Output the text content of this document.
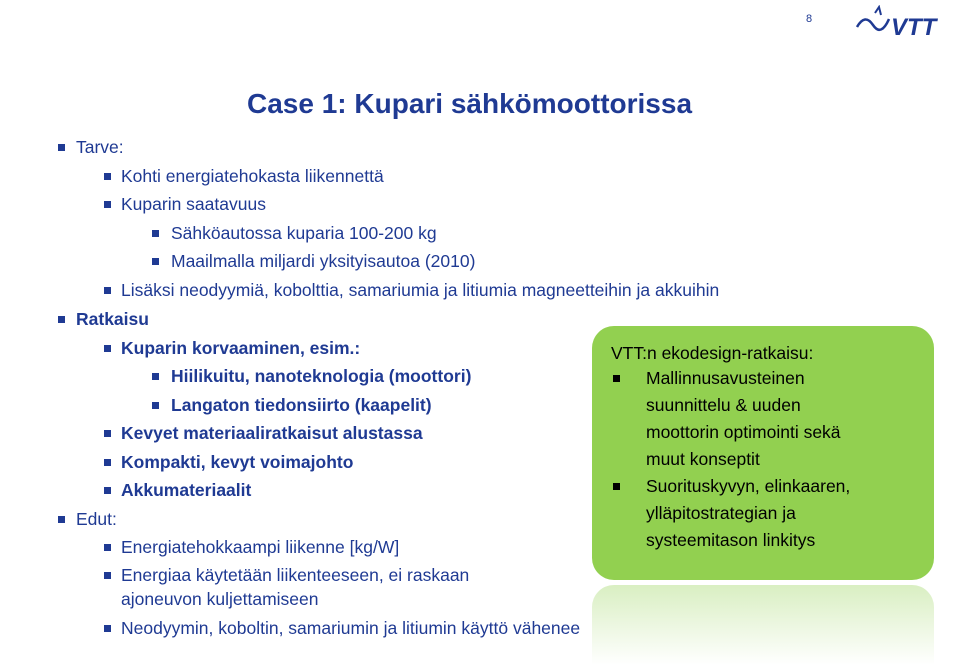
28.8.2012	8	VTT
Case 1: Kupari sähkömoottorissa
Tarve:
Kohti energiatehokasta liikennettä
Kuparin saatavuus
Sähköautossa kuparia 100-200 kg
Maailmalla miljardi yksityisautoa (2010)
Lisäksi neodyymiä, kobolttia, samariumia ja litiumia magneetteihin ja akkuihin
Ratkaisu
Kuparin korvaaminen, esim.:
Hiilikuitu, nanoteknologia (moottori)
Langaton tiedonsiirto (kaapelit)
Kevyet materiaaliratkaisut alustassa
Kompakti, kevyt voimajohto
Akkumateriaalit
Edut:
Energiatehokkaampi liikenne [kg/W]
Energiaa käytetään liikenteeseen, ei raskaan
ajoneuvon kuljettamiseen
Neodyymin, koboltin, samariumin ja litiumin käyttö vähenee
VTT:n ekodesign-ratkaisu:
Mallinnusavusteinen
suunnittelu & uuden
moottorin optimointi sekä
muut konseptit
Suorituskyvyn, elinkaaren,
ylläpitostrategian ja
systeemitason linkitys
